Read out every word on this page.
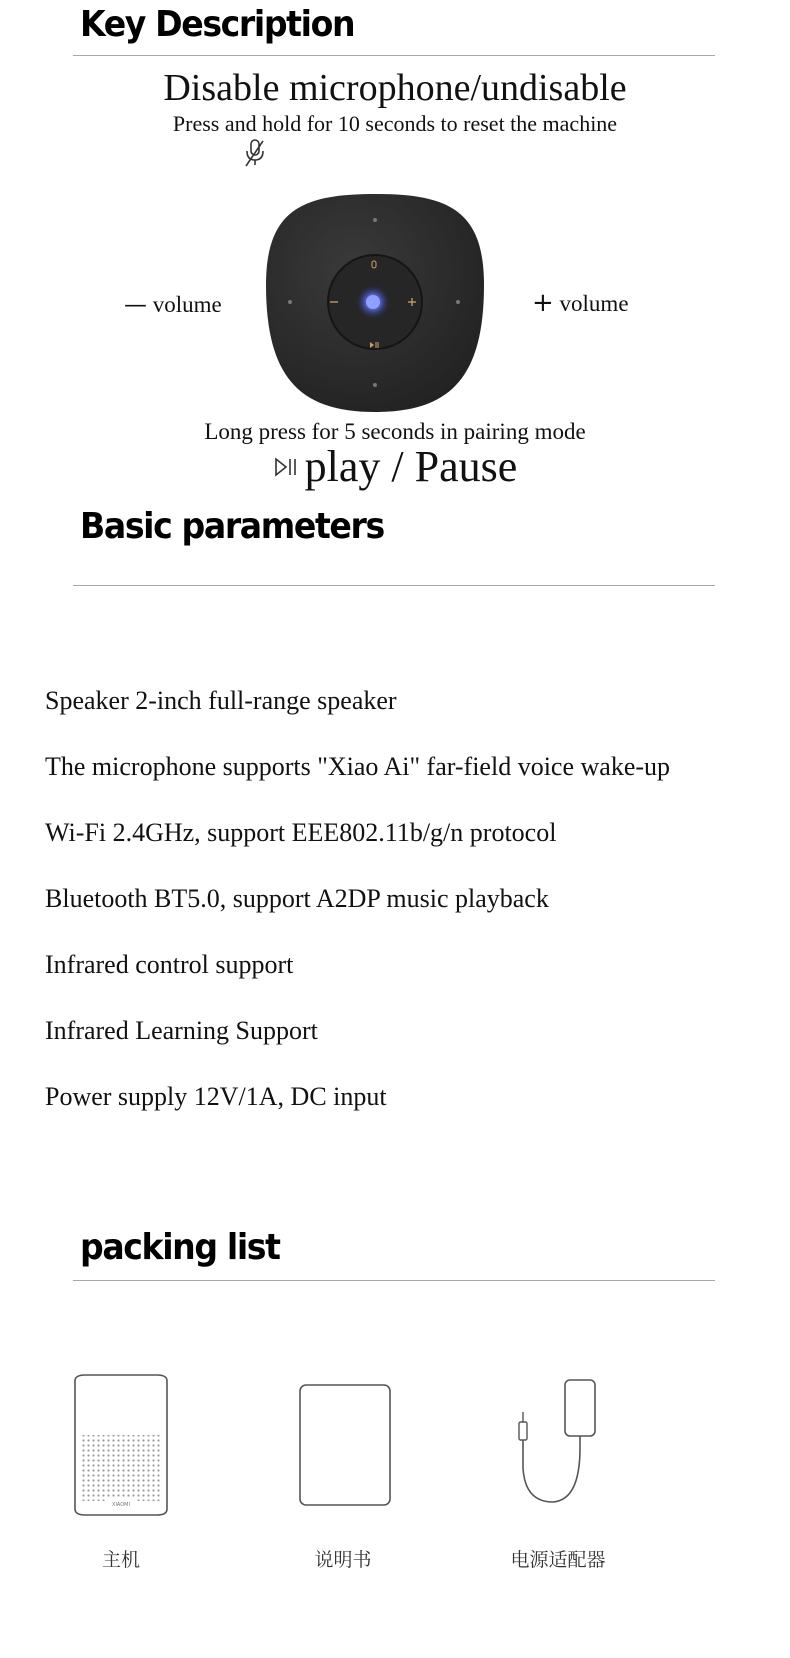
Key Description
Disable microphone/undisable
Press and hold for 10 seconds to reset the machine
— volume	+ volume
Long press for 5 seconds in pairing mode
play / Pause
Basic parameters
Speaker 2-inch full-range speaker
The microphone supports "Xiao Ai" far-field voice wake-up
Wi-Fi 2.4GHz, support EEE802.11b/g/n protocol
Bluetooth BT5.0, support A2DP music playback
Infrared control support
Infrared Learning Support
Power supply 12V/1A, DC input
packing list
XIAOMI
主机	说明书	电源适配器
